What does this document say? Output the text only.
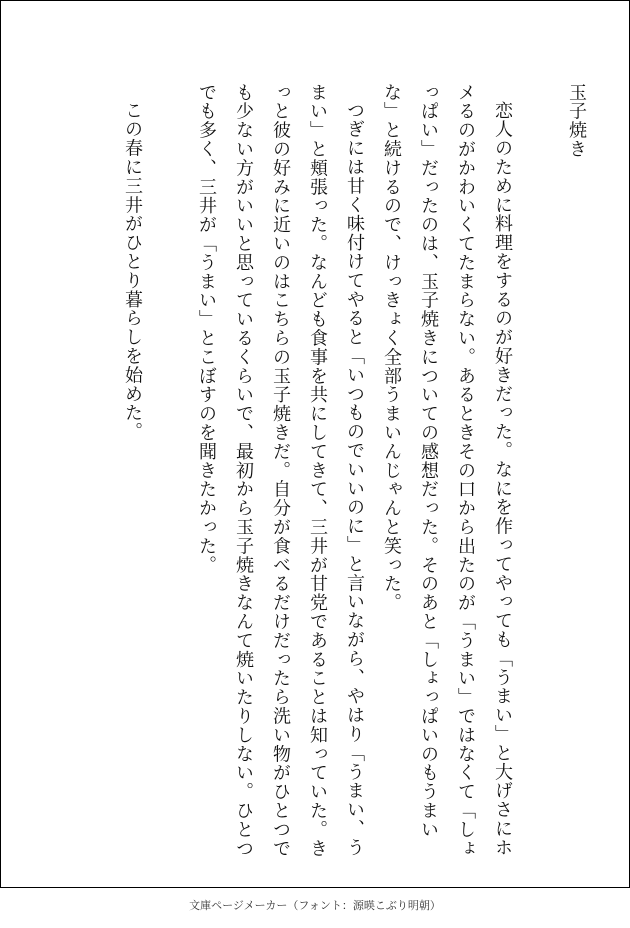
玉子焼き

恋人のために料理をするのが好きだった。なにを作ってやっても「うまい」と大げさにホメるのがかわいくてたまらない。あるときその口から出たのが「うまい」ではなくて「しょっぱい」だったのは、玉子焼きについての感想だった。そのあと「しょっぱいのもうまいな」と続けるので、けっきょく全部うまいんじゃんと笑った。

つぎには甘く味付けてやると「いつものでいいのに」と言いながら、やはり「うまい、うまい」と頬張った。なんども食事を共にしてきて、三井が甘党であることは知っていた。きっと彼の好みに近いのはこちらの玉子焼きだ。自分が食べるだけだったら洗い物がひとつでも少ない方がいいと思っているくらいで、最初から玉子焼きなんて焼いたりしない。ひとつでも多く、三井が「うまい」とこぼすのを聞きたかった。

この春に三井がひとり暮らしを始めた。

文庫ページメーカー（フォント：源暎こぶり明朝）
